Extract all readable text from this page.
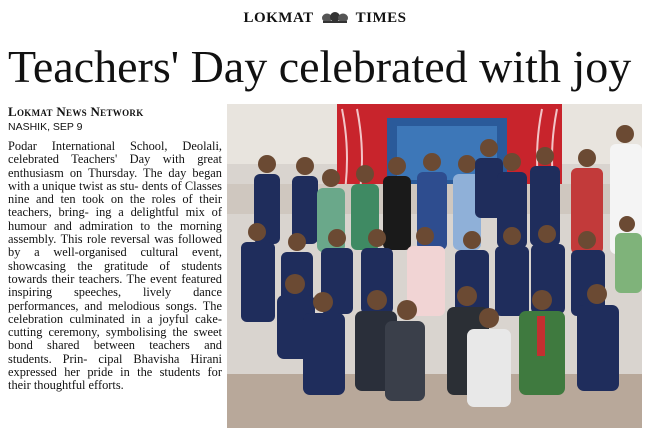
LOKMAT	TIMES
Teachers' Day celebrated with joy
Lokmat News Network
NASHIK, SEP 9

Podar International School, Deolali, celebrated Teachers' Day with great enthusiasm on Thursday. The day began with a unique twist as stu- dents of Classes nine and ten took on the roles of their teachers, bring- ing a delightful mix of humour and admiration to the morning assembly. This role reversal was followed by a well-organised cultural event, showcasing the gratitude of students towards their teachers. The event featured inspiring speeches, lively dance performances, and melodious songs. The celebration culminated in a joyful cake-cutting ceremony, symbolising the sweet bond shared between teachers and students. Prin- cipal Bhavisha Hirani expressed her pride in the students for their thoughtful efforts.
